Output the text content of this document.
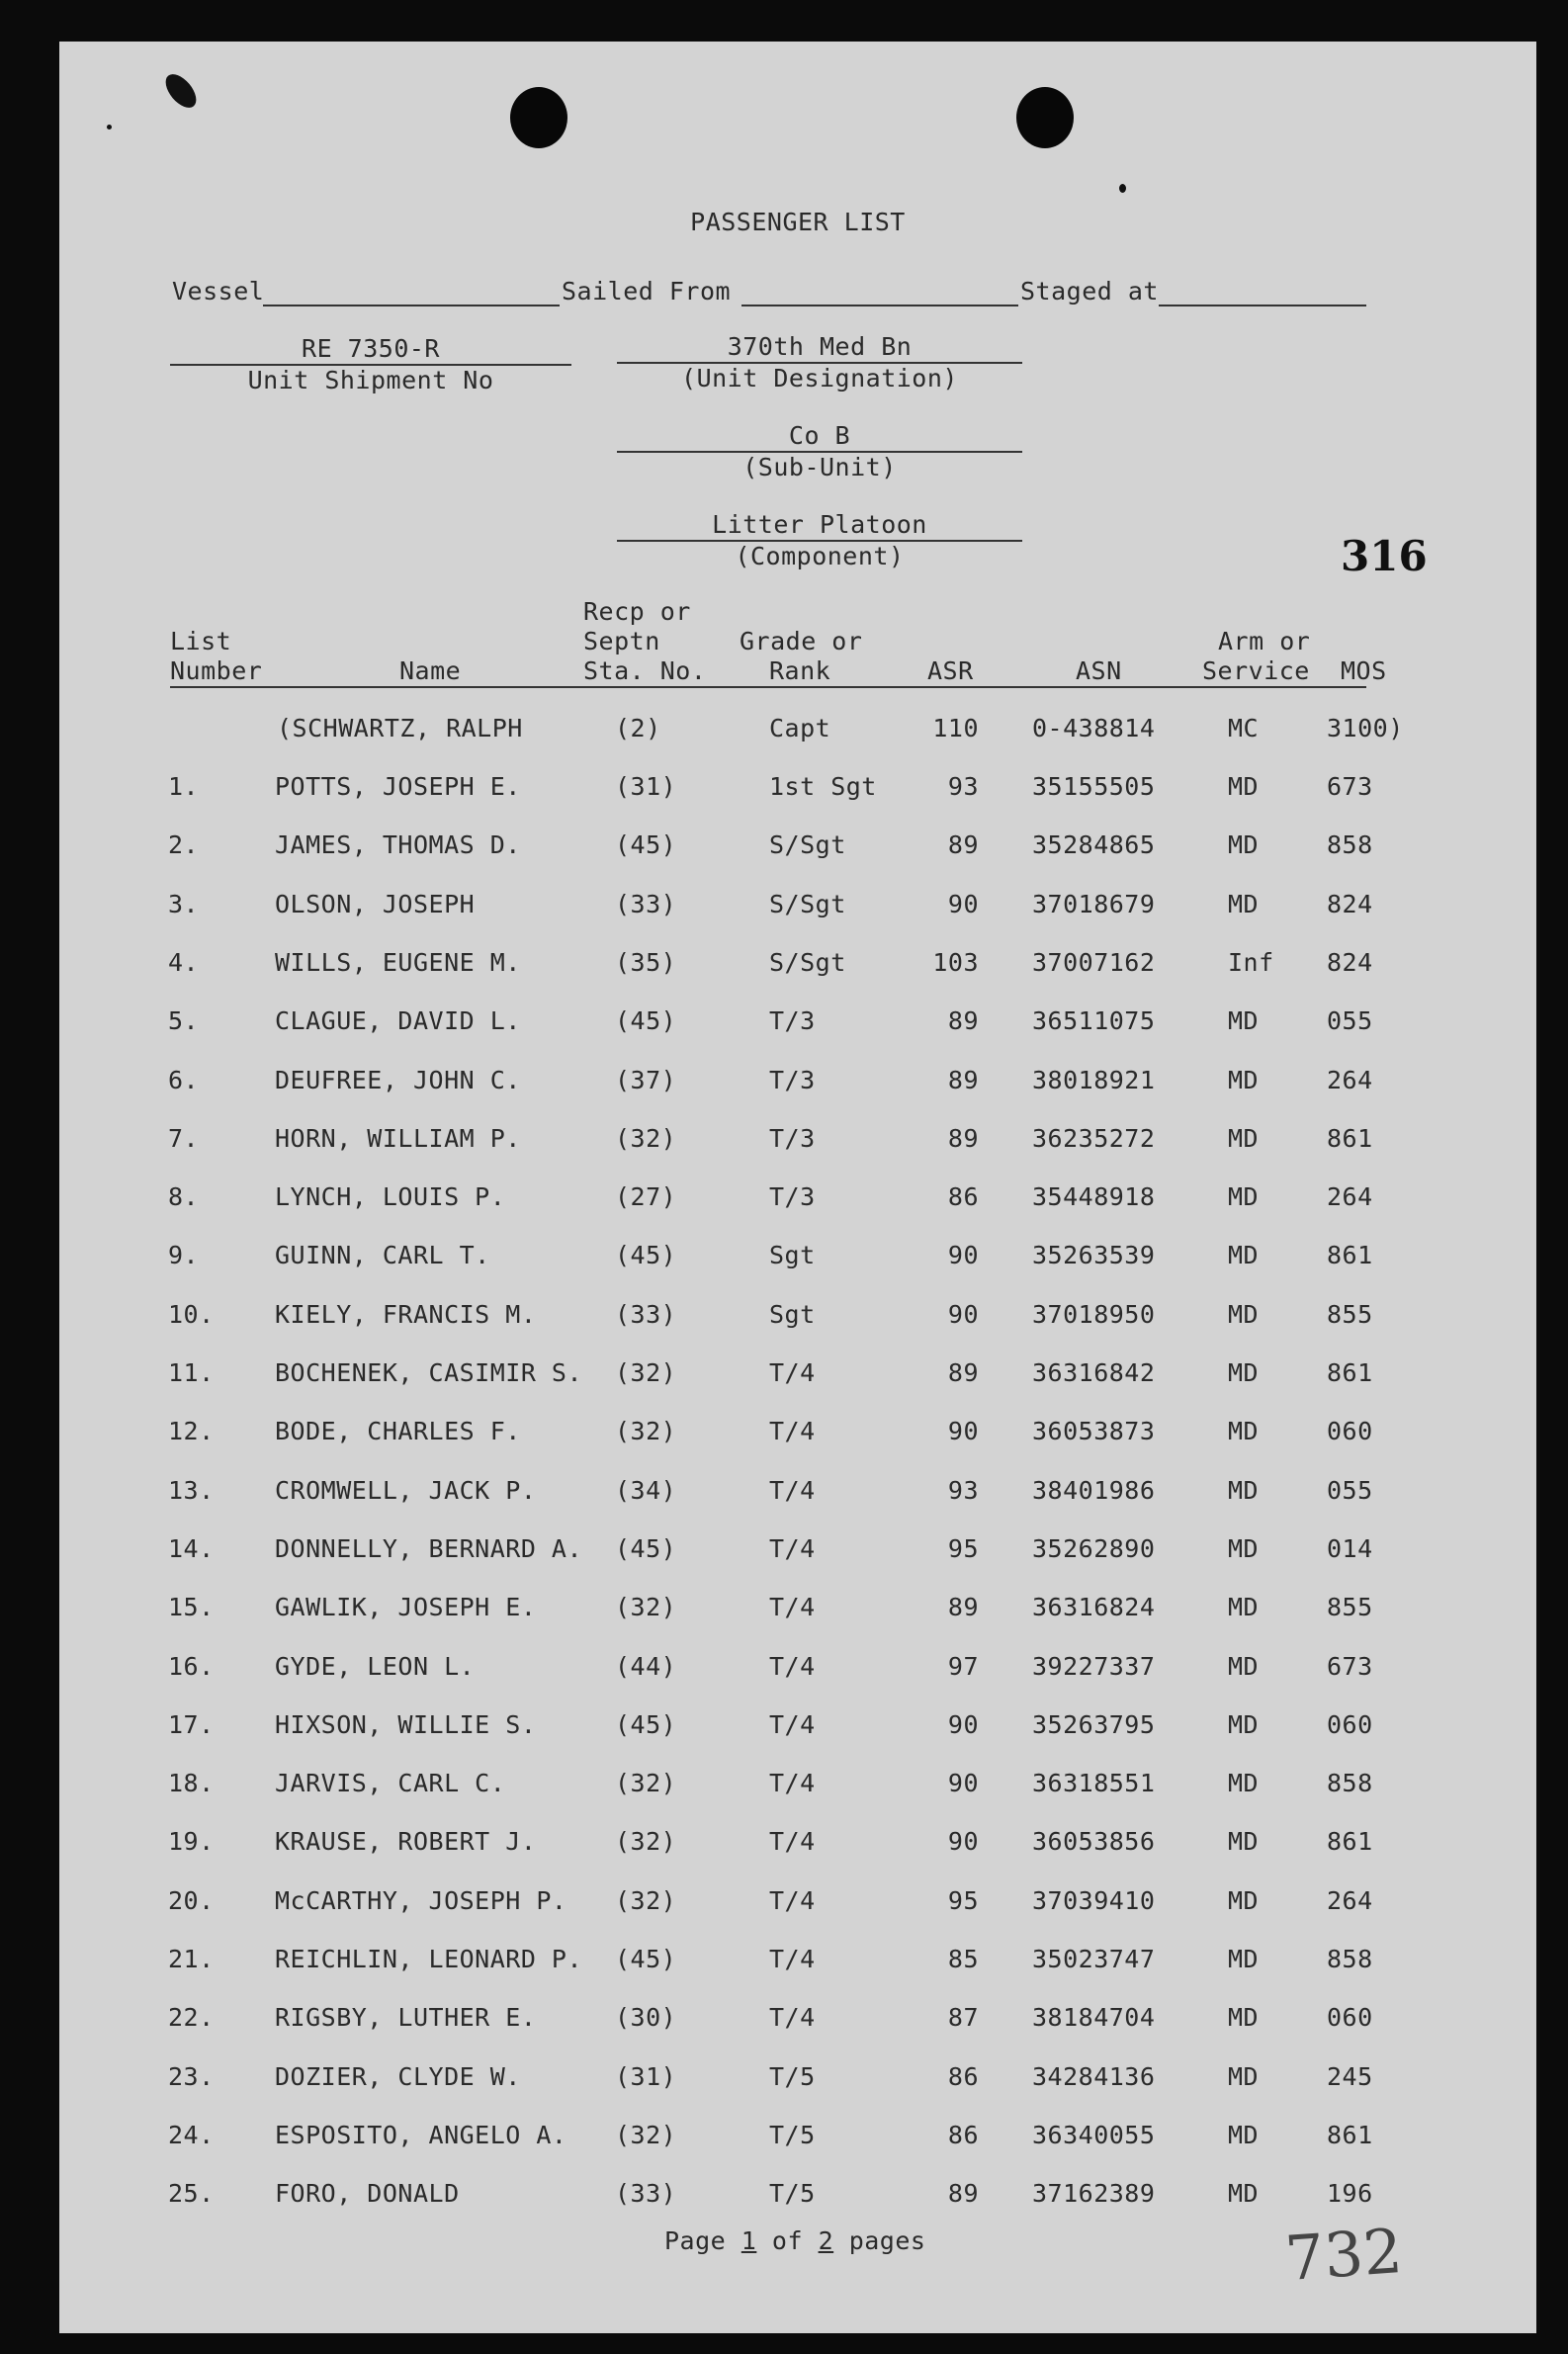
PASSENGER LIST
Vessel	Sailed From	Staged at
RE 7350-R
Unit Shipment No
370th Med Bn
(Unit Designation)
Co B
(Sub-Unit)
Litter Platoon
(Component)	316
List
Number	Name
Recp or
Septn
Sta. No.
Grade or
Rank	ASR	ASN
Arm or
Service MOS
(SCHWARTZ, RALPH	(2)	Capt	110 0-438814	MC	3100)
1.	POTTS, JOSEPH E.	(31)	1st Sgt	93 35155505	MD	673
2.	JAMES, THOMAS D.	(45)	S/Sgt	89 35284865	MD	858
3.	OLSON, JOSEPH	(33)	S/Sgt	90 37018679	MD	824
4.	WILLS, EUGENE M.	(35)	S/Sgt	103 37007162	Inf 824
5.	CLAGUE, DAVID L.	(45)	T/3	89 36511075	MD	055
6.	DEUFREE, JOHN C.	(37)	T/3	89 38018921	MD	264
7.	HORN, WILLIAM P.	(32)	T/3	89 36235272	MD	861
8.	LYNCH, LOUIS P.	(27)	T/3	86 35448918	MD	264
9.	GUINN, CARL T.	(45)	Sgt	90 35263539	MD	861
10. KIELY, FRANCIS M.	(33)	Sgt	90 37018950	MD	855
11. BOCHENEK, CASIMIR S. (32)	T/4	89 36316842	MD	861
12. BODE, CHARLES F.	(32)	T/4	90 36053873	MD	060
13. CROMWELL, JACK P.	(34)	T/4	93 38401986	MD	055
14. DONNELLY, BERNARD A. (45)	T/4	95 35262890	MD	014
15. GAWLIK, JOSEPH E.	(32)	T/4	89 36316824	MD	855
16. GYDE, LEON L.	(44)	T/4	97 39227337	MD	673
17. HIXSON, WILLIE S.	(45)	T/4	90 35263795	MD	060
18. JARVIS, CARL C.	(32)	T/4	90 36318551	MD	858
19. KRAUSE, ROBERT J.	(32)	T/4	90 36053856	MD	861
20. McCARTHY, JOSEPH P. (32)	T/4	95 37039410	MD	264
21. REICHLIN, LEONARD P. (45)	T/4	85 35023747	MD	858
22. RIGSBY, LUTHER E.	(30)	T/4	87 38184704	MD	060
23. DOZIER, CLYDE W.	(31)	T/5	86 34284136	MD	245
24. ESPOSITO, ANGELO A. (32)	T/5	86 36340055	MD	861
25. FORO, DONALD	(33)	T/5	89 37162389	MD	196
Page 1 of 2 pages	732
